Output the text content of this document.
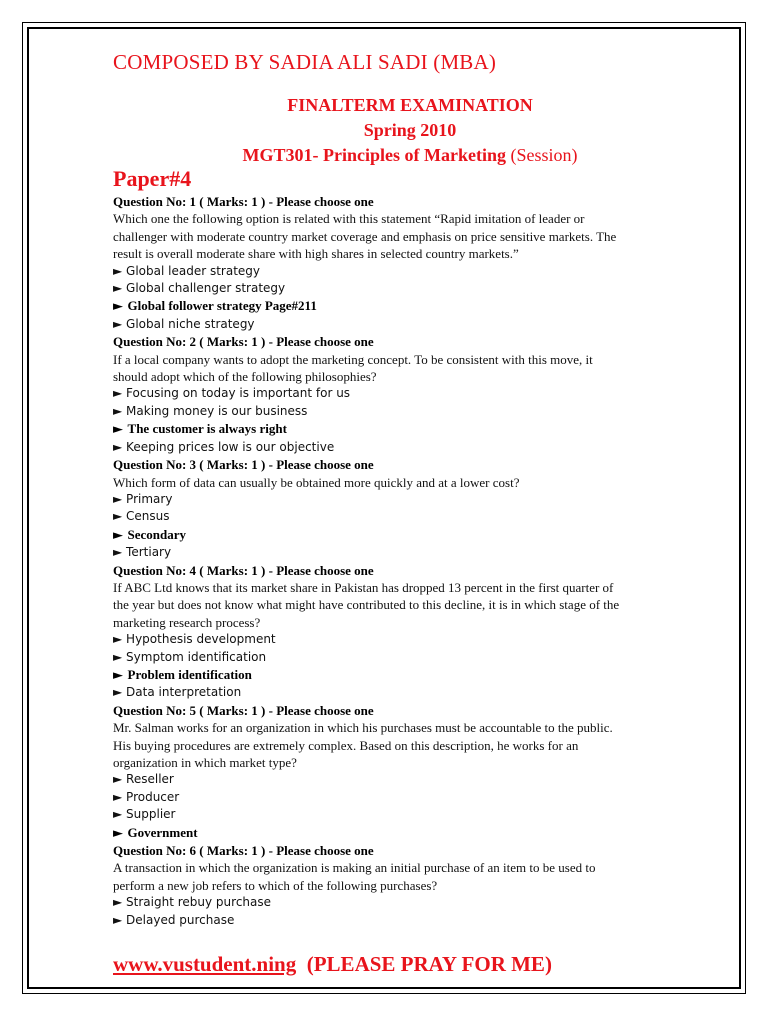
COMPOSED BY SADIA ALI SADI (MBA)
FINALTERM EXAMINATION
Spring 2010
MGT301- Principles of Marketing (Session)
Paper#4
Question No: 1 ( Marks: 1 ) - Please choose one
Which one the following option is related with this statement “Rapid imitation of leader or challenger with moderate country market coverage and emphasis on price sensitive markets. The result is overall moderate share with high shares in selected country markets.”
► Global leader strategy
► Global challenger strategy
► Global follower strategy Page#211
► Global niche strategy
Question No: 2 ( Marks: 1 ) - Please choose one
If a local company wants to adopt the marketing concept. To be consistent with this move, it should adopt which of the following philosophies?
► Focusing on today is important for us
► Making money is our business
► The customer is always right
► Keeping prices low is our objective
Question No: 3 ( Marks: 1 ) - Please choose one
Which form of data can usually be obtained more quickly and at a lower cost?
► Primary
► Census
► Secondary
► Tertiary
Question No: 4 ( Marks: 1 ) - Please choose one
If ABC Ltd knows that its market share in Pakistan has dropped 13 percent in the first quarter of the year but does not know what might have contributed to this decline, it is in which stage of the marketing research process?
► Hypothesis development
► Symptom identification
► Problem identification
► Data interpretation
Question No: 5 ( Marks: 1 ) - Please choose one
Mr. Salman works for an organization in which his purchases must be accountable to the public. His buying procedures are extremely complex. Based on this description, he works for an organization in which market type?
► Reseller
► Producer
► Supplier
► Government
Question No: 6 ( Marks: 1 ) - Please choose one
A transaction in which the organization is making an initial purchase of an item to be used to perform a new job refers to which of the following purchases?
► Straight rebuy purchase
► Delayed purchase
www.vustudent.ning (PLEASE PRAY FOR ME)
